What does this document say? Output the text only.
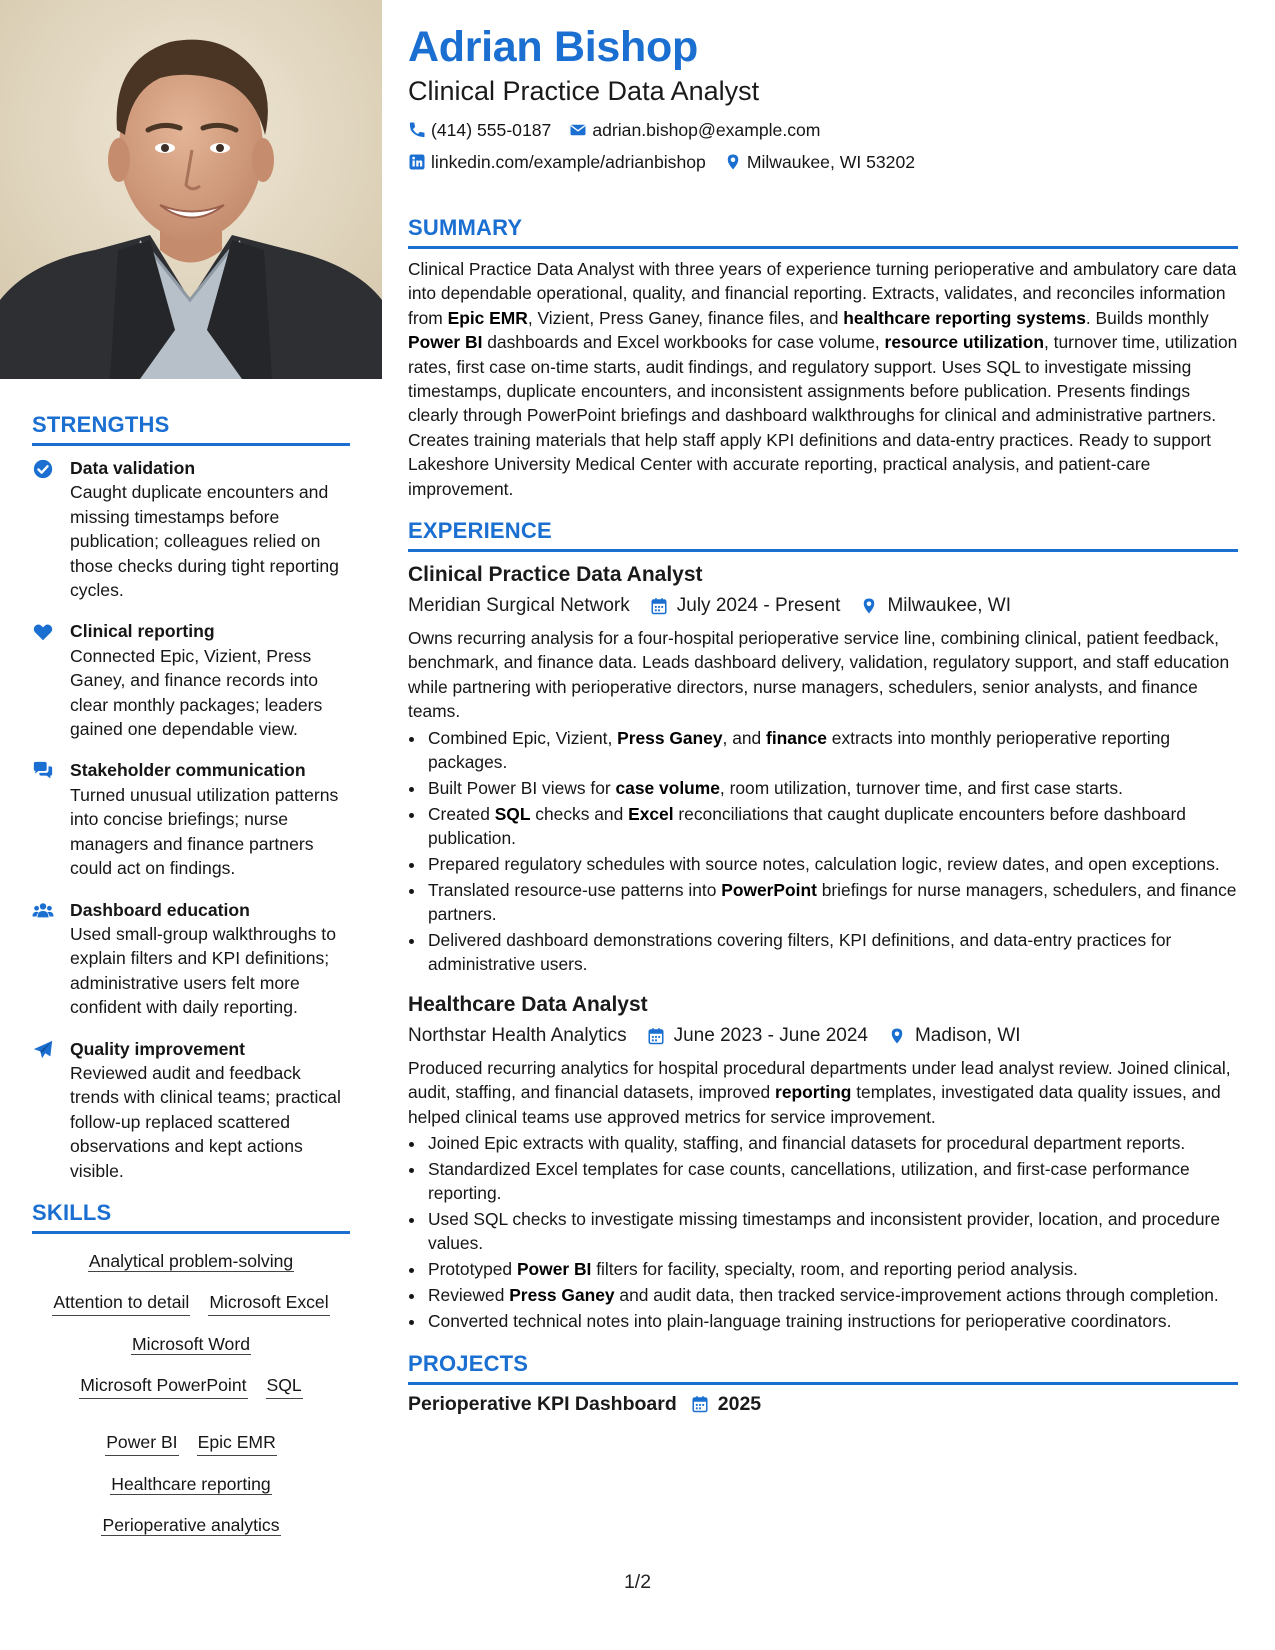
STRENGTHS
Data validation
Caught duplicate encounters and missing timestamps before publication; colleagues relied on those checks during tight reporting cycles.
Clinical reporting
Connected Epic, Vizient, Press Ganey, and finance records into clear monthly packages; leaders gained one dependable view.
Stakeholder communication
Turned unusual utilization patterns into concise briefings; nurse managers and finance partners could act on findings.
Dashboard education
Used small-group walkthroughs to explain filters and KPI definitions; administrative users felt more confident with daily reporting.
Quality improvement
Reviewed audit and feedback trends with clinical teams; practical follow-up replaced scattered observations and kept actions visible.
SKILLS
Analytical problem-solving
Attention to detail Microsoft Excel
Microsoft Word
Microsoft PowerPoint SQL
Power BI Epic EMR
Healthcare reporting
Perioperative analytics
Adrian Bishop
Clinical Practice Data Analyst
(414) 555-0187 adrian.bishop@example.com
linkedin.com/example/adrianbishop Milwaukee, WI 53202
SUMMARY

Clinical Practice Data Analyst with three years of experience turning perioperative and ambulatory care data into dependable operational, quality, and financial reporting. Extracts, validates, and reconciles information from Epic EMR, Vizient, Press Ganey, finance files, and healthcare reporting systems. Builds monthly Power BI dashboards and Excel workbooks for case volume, resource utilization, turnover time, utilization rates, first case on-time starts, audit findings, and regulatory support. Uses SQL to investigate missing timestamps, duplicate encounters, and inconsistent assignments before publication. Presents findings clearly through PowerPoint briefings and dashboard walkthroughs for clinical and administrative partners. Creates training materials that help staff apply KPI definitions and data-entry practices. Ready to support Lakeshore University Medical Center with accurate reporting, practical analysis, and patient-care improvement.

EXPERIENCE
Clinical Practice Data Analyst
Meridian Surgical Network July 2024 - Present Milwaukee, WI

Owns recurring analysis for a four-hospital perioperative service line, combining clinical, patient feedback, benchmark, and finance data. Leads dashboard delivery, validation, regulatory support, and staff education while partnering with perioperative directors, nurse managers, schedulers, senior analysts, and finance teams.

• Combined Epic, Vizient, Press Ganey, and finance extracts into monthly perioperative reporting packages.
• Built Power BI views for case volume, room utilization, turnover time, and first case starts.
• Created SQL checks and Excel reconciliations that caught duplicate encounters before dashboard publication.
• Prepared regulatory schedules with source notes, calculation logic, review dates, and open exceptions.
• Translated resource-use patterns into PowerPoint briefings for nurse managers, schedulers, and finance partners.
• Delivered dashboard demonstrations covering filters, KPI definitions, and data-entry practices for administrative users.
Healthcare Data Analyst
Northstar Health Analytics June 2023 - June 2024 Madison, WI

Produced recurring analytics for hospital procedural departments under lead analyst review. Joined clinical, audit, staffing, and financial datasets, improved reporting templates, investigated data quality issues, and helped clinical teams use approved metrics for service improvement.

• Joined Epic extracts with quality, staffing, and financial datasets for procedural department reports.
• Standardized Excel templates for case counts, cancellations, utilization, and first-case performance reporting.
• Used SQL checks to investigate missing timestamps and inconsistent provider, location, and procedure values.
• Prototyped Power BI filters for facility, specialty, room, and reporting period analysis.
• Reviewed Press Ganey and audit data, then tracked service-improvement actions through completion.
• Converted technical notes into plain-language training instructions for perioperative coordinators.
PROJECTS
Perioperative KPI Dashboard 2025
1/2
